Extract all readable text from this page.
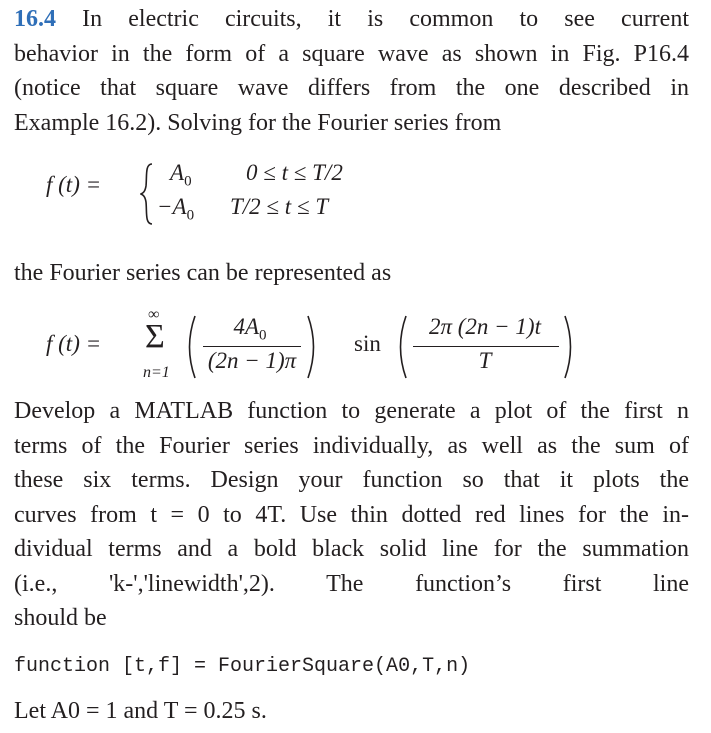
16.4 In electric circuits, it is common to see current
behavior in the form of a square wave as shown in Fig. P16.4
(notice that square wave differs from the one described in
Example 16.2). Solving for the Fourier series from
f (t) =	$A_0$ 0 ≤ t ≤ T/2
$-A_0$ T/2 ≤ t ≤ T
the Fourier series can be represented as
f (t) =
∞
Σ
n=1
$4A_0$
(2n − 1)π
sin
2π (2n − 1)t
T
Develop a MATLAB function to generate a plot of the first n
terms of the Fourier series individually, as well as the sum of
these six terms. Design your function so that it plots the
curves from t = 0 to 4T. Use thin dotted red lines for the in-
dividual terms and a bold black solid line for the summation
(i.e., 'k-','linewidth',2). The function’s first line
should be
function [t,f] = FourierSquare(A0,T,n)
Let A0 = 1 and T = 0.25 s.
